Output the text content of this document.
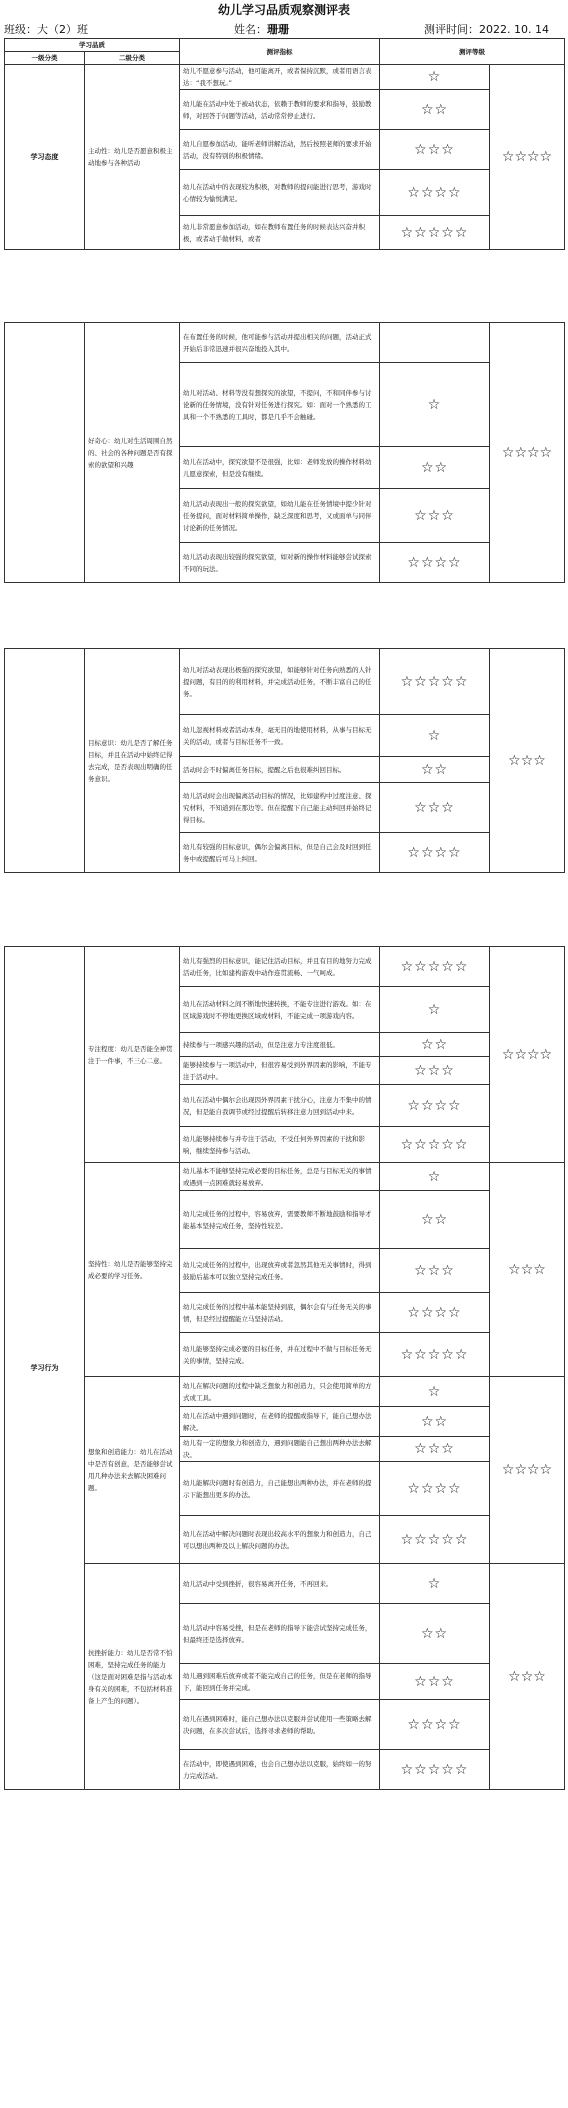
幼儿学习品质观察测评表
班级：大（2）班	姓名：珊珊	测评时间：2022. 10. 14
学习品质		测评指标	测评等级	
一级分类	二级分类			
学习态度	主动性：幼儿是否愿意积极主动地参与各种活动	幼儿不愿意参与活动，他可能离开，或者保持沉默，或者用语言表达：“我不想玩。”	☆	☆☆☆☆
		幼儿能在活动中处于被动状态，依赖于教师的要求和指导，鼓励教师，对回答于问题等活动，活动常常停止进行。	☆☆	
		幼儿自愿参加活动，能听老师讲解活动，然后按照老师的要求开始活动，没有特别的积极情绪。	☆☆☆	
		幼儿在活动中的表现较为积极，对教师的提问能进行思考，游戏时心情较为愉悦满足。	☆☆☆☆	
		幼儿非常愿意参加活动，如在教师布置任务的时候表达兴奋并积极，或者动手做材料，或者	☆☆☆☆☆	
	好奇心：幼儿对生活周围自然的、社会的各种问题是否有探索的欲望和兴趣	在布置任务的时候，他可能参与活动并提出相关的问题，活动正式开始后非常迅速并很兴奋地投入其中。		☆☆☆☆
		幼儿对活动、材料等没有想探究的欲望，不提问，不和同伴参与讨论新的任务情境，没有针对任务进行探究。如：面对一个熟悉的工具和一个不熟悉的工具时，都是几乎不会触碰。	☆	
		幼儿在活动中，探究欲望不是很强，比如：老师发放的操作材料幼儿愿意探索，但是没有继续。	☆☆	
		幼儿活动表现出一般的探究欲望，如幼儿能在任务情境中提少针对任务提问，面对材料简单操作，缺乏深度和思考，又或面单与同伴讨论新的任务情况。	☆☆☆	
		幼儿活动表现出较强的探究欲望，如对新的操作材料能够尝试探索不同的玩法。	☆☆☆☆	
	目标意识：幼儿是否了解任务目标，并且在活动中始终记得去完成，是否表现出明确的任务意识。	幼儿对活动表现出极强的探究欲望，如能够针对任务向熟悉的人针提问题，有目的的利用材料，并完成活动任务，不断丰富自己的任务。	☆☆☆☆☆	☆☆☆
		幼儿忽视材料或者活动本身，毫无目的地使用材料，从事与目标无关的活动，或者与目标任务不一致。	☆	
		活动时会不时偏离任务目标，提醒之后也很难纠回目标。	☆☆	
		幼儿活动时会出现偏离活动目标的情况，比如建构中过度注意、探究材料，不知道到在那边等。但在提醒下自己能主动纠回并始终记得目标。	☆☆☆	
		幼儿有较强的目标意识，偶尔会偏离目标，但是自己会及时回到任务中或提醒后可马上纠回。	☆☆☆☆	
学习行为	专注程度：幼儿是否能全神贯注于一件事，不三心二意。	幼儿有强烈的目标意识，能记住活动目标，并且有目的地努力完成活动任务，比如建构游戏中动作连贯流畅、一气呵成。	☆☆☆☆☆	☆☆☆☆
		幼儿在活动材料之间不断地快速转换，不能专注进行游戏。如：在区域游戏时不停地更换区域或材料，不能完成一项游戏内容。	☆	
		持续参与一项感兴趣的活动，但是注意力专注度很低。	☆☆	
		能够持续参与一项活动中，但很容易受到外界因素的影响，不能专注于活动中。	☆☆☆	
		幼儿在活动中偶尔会出现因外界因素干扰分心，注意力不集中的情况，但是能自我调节或经过提醒后转移注意力回到活动中来。	☆☆☆☆	
		幼儿能够持续参与并专注于活动，不受任何外界因素的干扰和影响，继续坚持参与活动。	☆☆☆☆☆	
	坚持性：幼儿是否能够坚持完成必要的学习任务。	幼儿基本不能够坚持完成必要的目标任务，总是与目标无关的事情或遇到一点困难就轻易放弃。	☆	☆☆☆
		幼儿完成任务的过程中，容易放弃，需要教师不断地鼓励和指导才能基本坚持完成任务，坚持性较差。	☆☆	
		幼儿完成任务的过程中，出现放弃或者忽然其他无关事情时，得到鼓励后基本可以独立坚持完成任务。	☆☆☆	
		幼儿完成任务的过程中基本能坚持到底，偶尔会有与任务无关的事情，但是经过提醒能立马坚持活动。	☆☆☆☆	
		幼儿能够坚持完成必要的目标任务，并在过程中不做与目标任务无关的事情，坚持完成。	☆☆☆☆☆	
	想象和创造能力：幼儿在活动中是否有创意，是否能够尝试用几种办法来去解决困难问题。	幼儿在解决问题的过程中缺乏想象力和创造力，只会使用简单的方式或工具。	☆	☆☆☆☆
		幼儿在活动中遇到问题时，在老师的提醒或指导下，能自己想办法解决。	☆☆	
		幼儿有一定的想象力和创造力，遇到问题能自己想出两种办法去解决。	☆☆☆	
		幼儿能解决问题时有创造力，自己能想出两种办法，并在老师的提示下能想出更多的办法。	☆☆☆☆	
		幼儿在活动中解决问题时表现出较高水平的想象力和创造力，自己可以想出两种及以上解决问题的办法。	☆☆☆☆☆	
	抗挫折能力：幼儿是否常不怕困难，坚持完成任务的能力（这是面对困难是指与活动本身有关的困难，不包括材料准备上产生的问题）。	幼儿活动中受到挫折，很容易离开任务，不再回来。	☆	☆☆☆
		幼儿活动中容易受挫，但是在老师的指导下能尝试坚持完成任务，但最终还是选择放弃。	☆☆	
		幼儿遇到困难后放弃或者不能完成自己的任务，但是在老师的指导下，能回到任务并完成。	☆☆☆	
		幼儿在遇到困难时，能自己想办法以克服并尝试使用一些策略去解决问题，在多次尝试后，选择寻求老师的帮助。	☆☆☆☆	
		在活动中，即使遇到困难，也会自己想办法以克服，始终如一的努力完成活动。	☆☆☆☆☆	
